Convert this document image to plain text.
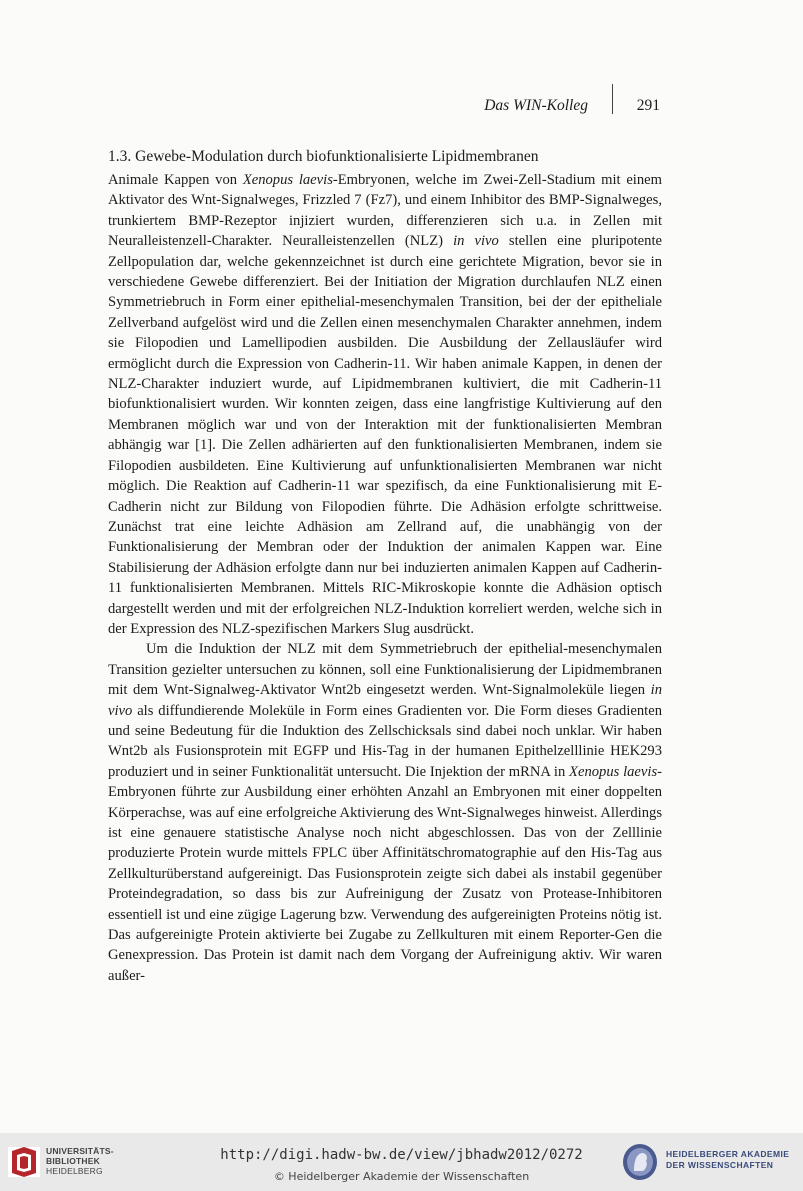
Das WIN-Kolleg	291
1.3. Gewebe-Modulation durch biofunktionalisierte Lipidmembranen

Animale Kappen von Xenopus laevis-Embryonen, welche im Zwei-Zell-Stadium mit einem Aktivator des Wnt-Signalweges, Frizzled 7 (Fz7), und einem Inhibitor des BMP-Signalweges, trunkiertem BMP-Rezeptor injiziert wurden, differenzieren sich u.a. in Zellen mit Neuralleistenzell-Charakter. Neuralleistenzellen (NLZ) in vivo stellen eine pluripotente Zellpopulation dar, welche gekennzeichnet ist durch eine gerichtete Migration, bevor sie in verschiedene Gewebe differenziert. Bei der Initiation der Migration durchlaufen NLZ einen Symmetriebruch in Form einer epithelial-mesenchymalen Transition, bei der der epitheliale Zellverband aufgelöst wird und die Zellen einen mesenchymalen Charakter annehmen, indem sie Filopodien und Lamellipodien ausbilden. Die Ausbildung der Zellausläufer wird ermöglicht durch die Expression von Cadherin-11. Wir haben animale Kappen, in denen der NLZ-Charakter induziert wurde, auf Lipidmembranen kultiviert, die mit Cadherin-11 biofunktionalisiert wurden. Wir konnten zeigen, dass eine langfristige Kultivierung auf den Membranen möglich war und von der Interaktion mit der funktionalisierten Membran abhängig war [1]. Die Zellen adhärierten auf den funktionalisierten Membranen, indem sie Filopodien ausbildeten. Eine Kultivierung auf unfunktionalisierten Membranen war nicht möglich. Die Reaktion auf Cadherin-11 war spezifisch, da eine Funktionalisierung mit E-Cadherin nicht zur Bildung von Filopodien führte. Die Adhäsion erfolgte schrittweise. Zunächst trat eine leichte Adhäsion am Zellrand auf, die unabhängig von der Funktionalisierung der Membran oder der Induktion der animalen Kappen war. Eine Stabilisierung der Adhäsion erfolgte dann nur bei induzierten animalen Kappen auf Cadherin-11 funktionalisierten Membranen. Mittels RIC-Mikroskopie konnte die Adhäsion optisch dargestellt werden und mit der erfolgreichen NLZ-Induktion korreliert werden, welche sich in der Expression des NLZ-spezifischen Markers Slug ausdrückt.

Um die Induktion der NLZ mit dem Symmetriebruch der epithelial-mesenchymalen Transition gezielter untersuchen zu können, soll eine Funktionalisierung der Lipidmembranen mit dem Wnt-Signalweg-Aktivator Wnt2b eingesetzt werden. Wnt-Signalmoleküle liegen in vivo als diffundierende Moleküle in Form eines Gradienten vor. Die Form dieses Gradienten und seine Bedeutung für die Induktion des Zellschicksals sind dabei noch unklar. Wir haben Wnt2b als Fusionsprotein mit EGFP und His-Tag in der humanen Epithelzelllinie HEK293 produziert und in seiner Funktionalität untersucht. Die Injektion der mRNA in Xenopus laevis-Embryonen führte zur Ausbildung einer erhöhten Anzahl an Embryonen mit einer doppelten Körperachse, was auf eine erfolgreiche Aktivierung des Wnt-Signalweges hinweist. Allerdings ist eine genauere statistische Analyse noch nicht abgeschlossen. Das von der Zelllinie produzierte Protein wurde mittels FPLC über Affinitätschromatographie auf den His-Tag aus Zellkulturüberstand aufgereinigt. Das Fusionsprotein zeigte sich dabei als instabil gegenüber Proteindegradation, so dass bis zur Aufreinigung der Zusatz von Protease-Inhibitoren essentiell ist und eine zügige Lagerung bzw. Verwendung des aufgereinigten Proteins nötig ist. Das aufgereinigte Protein aktivierte bei Zugabe zu Zellkulturen mit einem Reporter-Gen die Genexpression. Das Protein ist damit nach dem Vorgang der Aufreinigung aktiv. Wir waren außer-

UNIVERSITÄTS-
BIBLIOTHEK
HEIDELBERG
http://digi.hadw-bw.de/view/jbhadw2012/0272
© Heidelberger Akademie der Wissenschaften
HEIDELBERGER AKADEMIE
DER WISSENSCHAFTEN
